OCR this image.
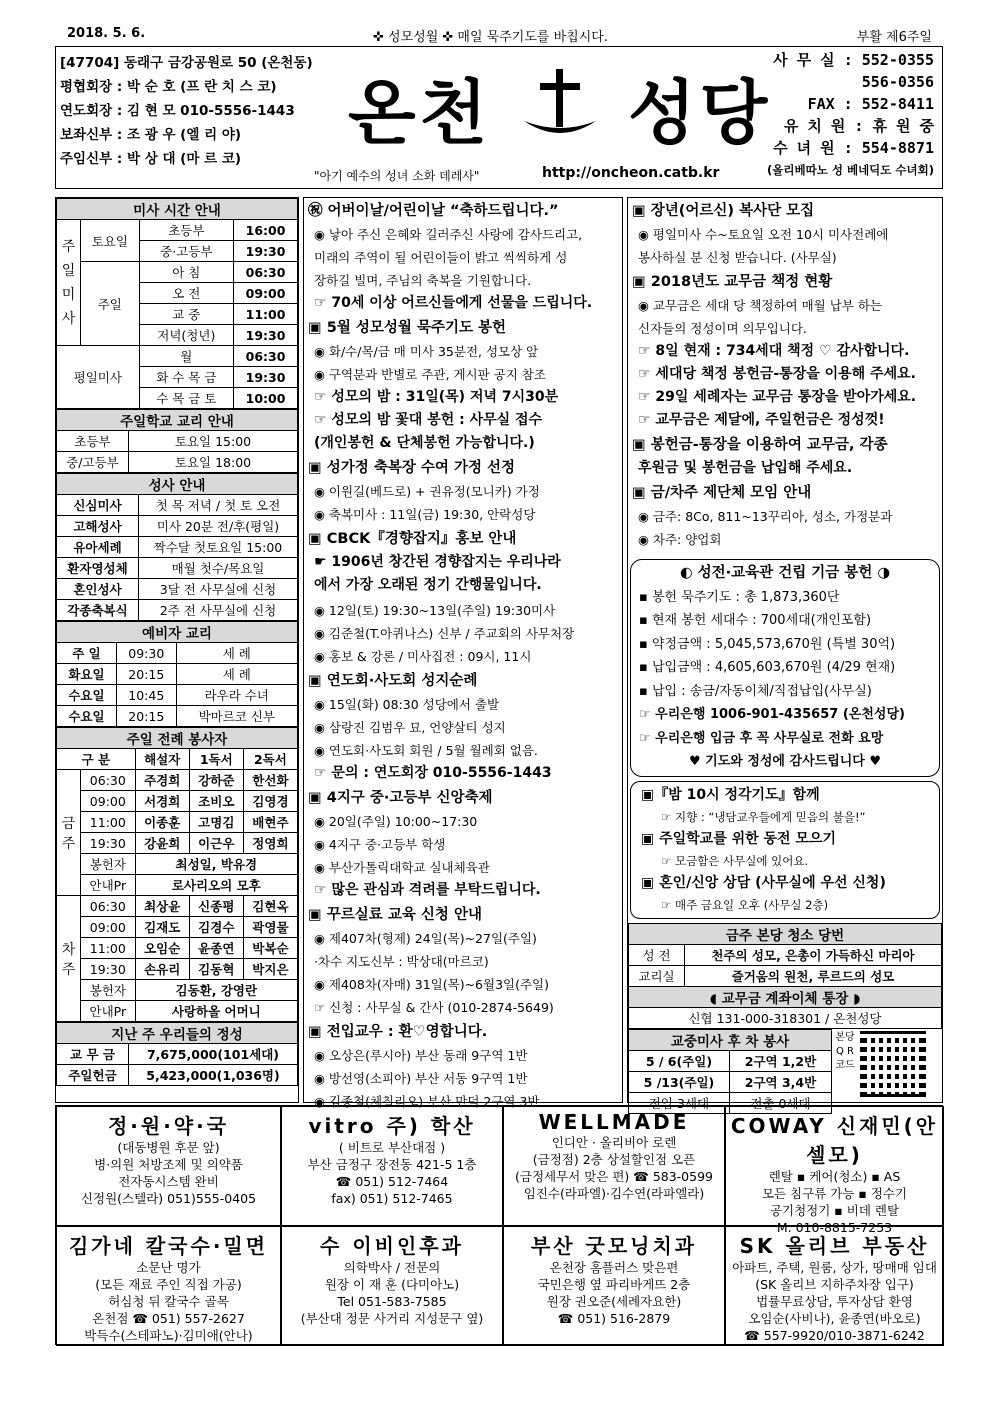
2018. 5. 6.	✜ 성모성월 ✜ 매일 묵주기도를 바칩시다.	부활 제6주일
[47704] 동래구 금강공원로 50 (온천동)
평협회장 : 박 순 호 (프 란 치 스 코)
연도회장 : 김 현 모 010-5556-1443
보좌신부 : 조 광 우 (엘 리 야)
주임신부 : 박 상 대 (마 르 코)
온천 성당
"아기 예수의 성녀 소화 데레사"	http://oncheon.catb.kr
사 무 실 : 552-0355
556-0356
FAX : 552-8411
유 치 원 : 휴 원 중
수 녀 원 : 554-8871
(올리베따노 성 베네딕도 수녀회)
미사 시간 안내			
주일미사	토요일	초등부	16:00
		중·고등부	19:30
	주일	아 침	06:30
		오 전	09:00
		교 중	11:00
		저녁(청년)	19:30
평일미사		월	06:30
		화 수 목 금	19:30
		수 목 금 토	10:00
주일학교 교리 안내	
초등부	토요일 15:00
중/고등부	토요일 18:00
성사 안내	
신심미사	첫 목 저녁 / 첫 토 오전
고해성사	미사 20분 전/후(평일)
유아세례	짝수달 첫토요일 15:00
환자영성체	매월 첫수/목요일
혼인성사	3달 전 사무실에 신청
각종축복식	2주 전 사무실에 신청
예비자 교리		
주 일	09:30	세 례
화요일	20:15	세 례
수요일	10:45	라우라 수녀
수요일	20:15	박마르코 신부
주일 전례 봉사자				
구 분		해설자	1독서	2독서
금주	06:30	주경희	강하준	한선화
	09:00	서경희	조비오	김영경
	11:00	이종훈	고명김	배현주
	19:30	강윤희	이근우	정영희
	봉헌자	최성일, 박유경		
	안내Pr	로사리오의 모후		
차주	06:30	최상윤	신종평	김현옥
	09:00	김재도	김경수	곽영물
	11:00	오임순	윤종연	박복순
	19:30	손유리	김동혁	박지은
	봉헌자	김동환, 강영란		
	안내Pr	사랑하올 어머니		
지난 주 우리들의 정성	
교 무 금	7,675,000(101세대)
주일헌금	5,423,000(1,036명)
㊗ 어버이날/어린이날 “축하드립니다.”
◉ 낳아 주신 은혜와 길러주신 사랑에 감사드리고,
미래의 주역이 될 어린이들이 밝고 씩씩하게 성
장하길 빌며, 주님의 축복을 기원합니다.
☞ 70세 이상 어르신들에게 선물을 드립니다.
▣ 5월 성모성월 묵주기도 봉헌
◉ 화/수/목/금 매 미사 35분전, 성모상 앞
◉ 구역분과 반별로 주관, 게시판 공지 참조
☞ 성모의 밤 : 31일(목) 저녁 7시30분
☞ 성모의 밤 꽃대 봉헌 : 사무실 접수
(개인봉헌 & 단체봉헌 가능합니다.)
▣ 성가정 축복장 수여 가정 선정
◉ 이원길(베드로) + 권유정(모니카) 가정
◉ 축복미사 : 11일(금) 19:30, 안락성당
▣ CBCK『경향잡지』홍보 안내
☛ 1906년 창간된 경향잡지는 우리나라
에서 가장 오래된 정기 간행물입니다.
◉ 12일(토) 19:30~13일(주일) 19:30미사
◉ 김준철(T.아퀴나스) 신부 / 주교회의 사무처장
◉ 홍보 & 강론 / 미사집전 : 09시, 11시
▣ 연도회·사도회 성지순례
◉ 15일(화) 08:30 성당에서 출발
◉ 삼랑진 김범우 묘, 언양살티 성지
◉ 연도회·사도회 회원 / 5월 월례회 없음.
☞ 문의 : 연도회장 010-5556-1443
▣ 4지구 중·고등부 신앙축제
◉ 20일(주일) 10:00~17:30
◉ 4지구 중·고등부 학생
◉ 부산가톨릭대학교 실내체육관
☞ 많은 관심과 격려를 부탁드립니다.
▣ 꾸르실료 교육 신청 안내
◉ 제407차(형제) 24일(목)~27일(주일)
·차수 지도신부 : 박상대(마르코)
◉ 제408차(자매) 31일(목)~6월3일(주일)
☞ 신청 : 사무실 & 간사 (010-2874-5649)
▣ 전입교우 : 환♡영합니다.
◉ 오상은(루시아) 부산 동래 9구역 1반
◉ 방선영(소피아) 부산 서동 9구역 1반
◉ 김종철(체칠리오) 부산 만덕 2구역 3반
▣ 장년(어르신) 복사단 모집
◉ 평일미사 수~토요일 오전 10시 미사전례에
봉사하실 분 신청 받습니다. (사무실)
▣ 2018년도 교무금 책정 현황
◉ 교무금은 세대 당 책정하여 매월 납부 하는
신자들의 정성이며 의무입니다.
☞ 8일 현재 : 734세대 책정 ♡ 감사합니다.
☞ 세대당 책정 봉헌금-통장을 이용해 주세요.
☞ 29일 세례자는 교무금 통장을 받아가세요.
☞ 교무금은 제달에, 주일헌금은 정성껏!
▣ 봉헌금-통장을 이용하여 교무금, 각종
후원금 및 봉헌금을 납입해 주세요.
▣ 금/차주 제단체 모임 안내
◉ 금주: 8Co, 811~13꾸리아, 성소, 가정분과
◉ 차주: 양업회
◐ 성전·교육관 건립 기금 봉헌 ◑
▪ 봉헌 묵주기도 : 총 1,873,360단
▪ 현재 봉헌 세대수 : 700세대(개인포함)
▪ 약정금액 : 5,045,573,670원 (특별 30억)
▪ 납입금액 : 4,605,603,670원 (4/29 현재)
▪ 납입 : 송금/자동이체/직접납입(사무실)
☞ 우리은행 1006-901-435657 (온천성당)
☞ 우리은행 입금 후 꼭 사무실로 전화 요망
♥ 기도와 정성에 감사드립니다 ♥
▣『밤 10시 정각기도』함께
☞ 지향 : “냉담교우들에게 믿음의 불을!”
▣ 주일학교를 위한 동전 모으기
☞ 모금함은 사무실에 있어요.
▣ 혼인/신앙 상담 (사무실에 우선 신청)
☞ 매주 금요일 오후 (사무실 2층)
금주 본당 청소 당번	
성 전	천주의 성모, 은총이 가득하신 마리아
교리실	즐거움의 원천, 루르드의 성모
◖ 교무금 계좌이체 통장 ◗	
신협 131-000-318301 / 온천성당	
교중미사 후 차 봉사	
5 / 6(주일)	2구역 1,2반
5 /13(주일)	2구역 3,4반
전입 3세대	전출 0세대
본당 Q R 코드
정·원·약·국
(대동병원 후문 앞)
병·의원 처방조제 및 의약품
전자동시스템 완비
신정원(스텔라) 051)555-0405
vitro 주) 학산
( 비트로 부산대점 )
부산 금정구 장전동 421-5 1층
☎ 051) 512-7464
fax) 051) 512-7465
WELLMADE
인디안 · 올리비아 로렌
(금정점) 2층 상설할인점 오픈
(금정세무서 맞은 편) ☎ 583-0599
임진수(라파엘)·김수연(라파엘라)
COWAY 신재민(안셀모)
렌탈 ▪ 케어(청소) ▪ AS
모든 침구류 가능 ▪ 정수기
공기청정기 ▪ 비데 렌탈
M. 010-8815-7253
김가네 칼국수·밀면
소문난 명가
(모든 재료 주인 직접 가공)
허심청 뒤 칼국수 골목
온천점 ☎ 051) 557-2627
박득수(스테파노)·김미애(안나)
수 이비인후과
의학박사 / 전문의
원장 이 재 훈 (다미아노)
Tel 051-583-7585
(부산대 정문 사거리 지성문구 옆)
부산 굿모닝치과
온천장 홈플러스 맞은편
국민은행 옆 파리바게뜨 2층
원장 권오준(세례자요한)
☎ 051) 516-2879
SK 올리브 부동산
아파트, 주택, 원룸, 상가, 땅매매 임대
(SK 올리브 지하주차장 입구)
법률무료상담, 투자상담 환영
오임순(사비나), 윤종연(바오로)
☎ 557-9920/010-3871-6242
